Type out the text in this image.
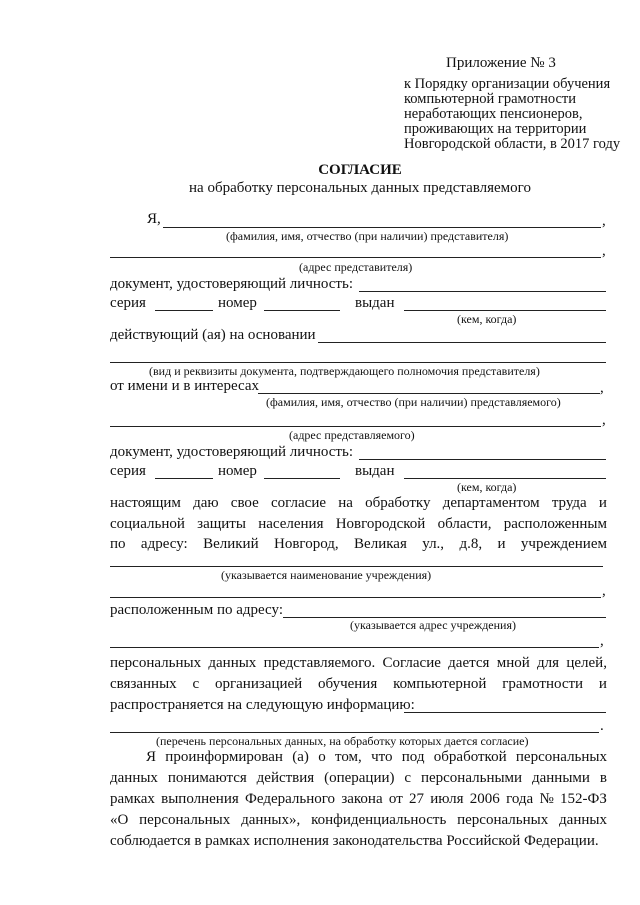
Приложение № 3
к Порядку организации обучения
компьютерной грамотности
неработающих пенсионеров,
проживающих на территории
Новгородской области, в 2017 году
СОГЛАСИЕ
на обработку персональных данных представляемого
Я,	,
(фамилия, имя, отчество (при наличии) представителя)
,
(адрес представителя)
документ, удостоверяющий личность:
серия	номер	выдан
(кем, когда)
действующий (ая) на основании
(вид и реквизиты документа, подтверждающего полномочия представителя)
от имени и в интересах	,
(фамилия, имя, отчество (при наличии) представляемого)
,
(адрес представляемого)
документ, удостоверяющий личность:
серия	номер	выдан
(кем, когда)
настоящим даю свое согласие на обработку департаментом труда и
социальной защиты населения Новгородской области, расположенным
по адресу: Великий Новгород, Великая ул., д.8, и учреждением
(указывается наименование учреждения)
,
расположенным по адресу:
(указывается адрес учреждения)
,
персональных данных представляемого. Согласие дается мной для целей,
связанных с организацией обучения компьютерной грамотности и
распространяется на следующую информацию:
.
(перечень персональных данных, на обработку которых дается согласие)
Я проинформирован (а) о том, что под обработкой персональных
данных понимаются действия (операции) с персональными данными в
рамках выполнения Федерального закона от 27 июля 2006 года № 152-ФЗ
«О персональных данных», конфиденциальность персональных данных
соблюдается в рамках исполнения законодательства Российской Федерации.
